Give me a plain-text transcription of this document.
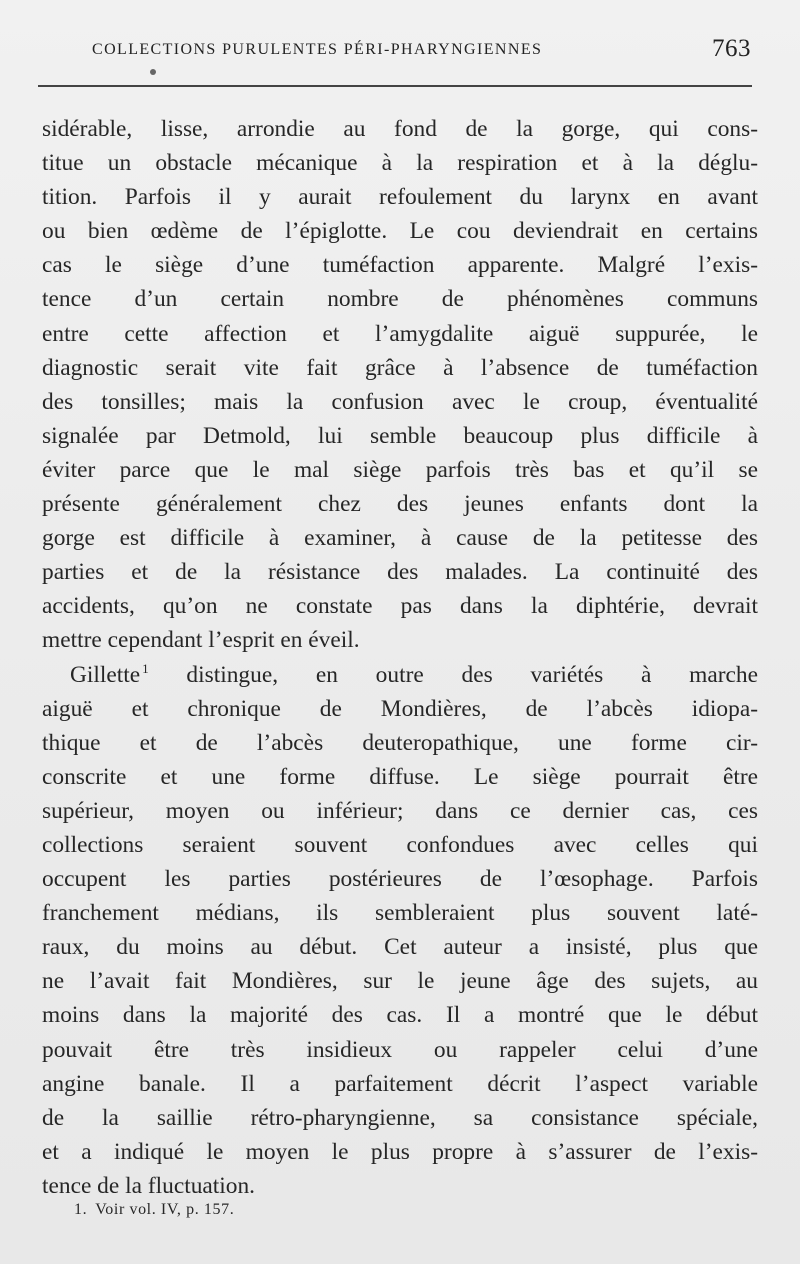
COLLECTIONS PURULENTES PÉRI-PHARYNGIENNES	763
sidérable, lisse, arrondie au fond de la gorge, qui cons-
titue un obstacle mécanique à la respiration et à la déglu-
tition. Parfois il y aurait refoulement du larynx en avant
ou bien œdème de l’épiglotte. Le cou deviendrait en certains
cas le siège d’une tuméfaction apparente. Malgré l’exis-
tence d’un certain nombre de phénomènes communs
entre cette affection et l’amygdalite aiguë suppurée, le
diagnostic serait vite fait grâce à l’absence de tuméfaction
des tonsilles; mais la confusion avec le croup, éventualité
signalée par Detmold, lui semble beaucoup plus difficile à
éviter parce que le mal siège parfois très bas et qu’il se
présente généralement chez des jeunes enfants dont la
gorge est difficile à examiner, à cause de la petitesse des
parties et de la résistance des malades. La continuité des
accidents, qu’on ne constate pas dans la diphtérie, devrait
mettre cependant l’esprit en éveil.
Gillette $^1$ distingue, en outre des variétés à marche
aiguë et chronique de Mondières, de l’abcès idiopa-
thique et de l’abcès deuteropathique, une forme cir-
conscrite et une forme diffuse. Le siège pourrait être
supérieur, moyen ou inférieur; dans ce dernier cas, ces
collections seraient souvent confondues avec celles qui
occupent les parties postérieures de l’œsophage. Parfois
franchement médians, ils sembleraient plus souvent laté-
raux, du moins au début. Cet auteur a insisté, plus que
ne l’avait fait Mondières, sur le jeune âge des sujets, au
moins dans la majorité des cas. Il a montré que le début
pouvait être très insidieux ou rappeler celui d’une
angine banale. Il a parfaitement décrit l’aspect variable
de la saillie rétro-pharyngienne, sa consistance spéciale,
et a indiqué le moyen le plus propre à s’assurer de l’exis-
tence de la fluctuation.
1. Voir vol. IV, p. 157.
